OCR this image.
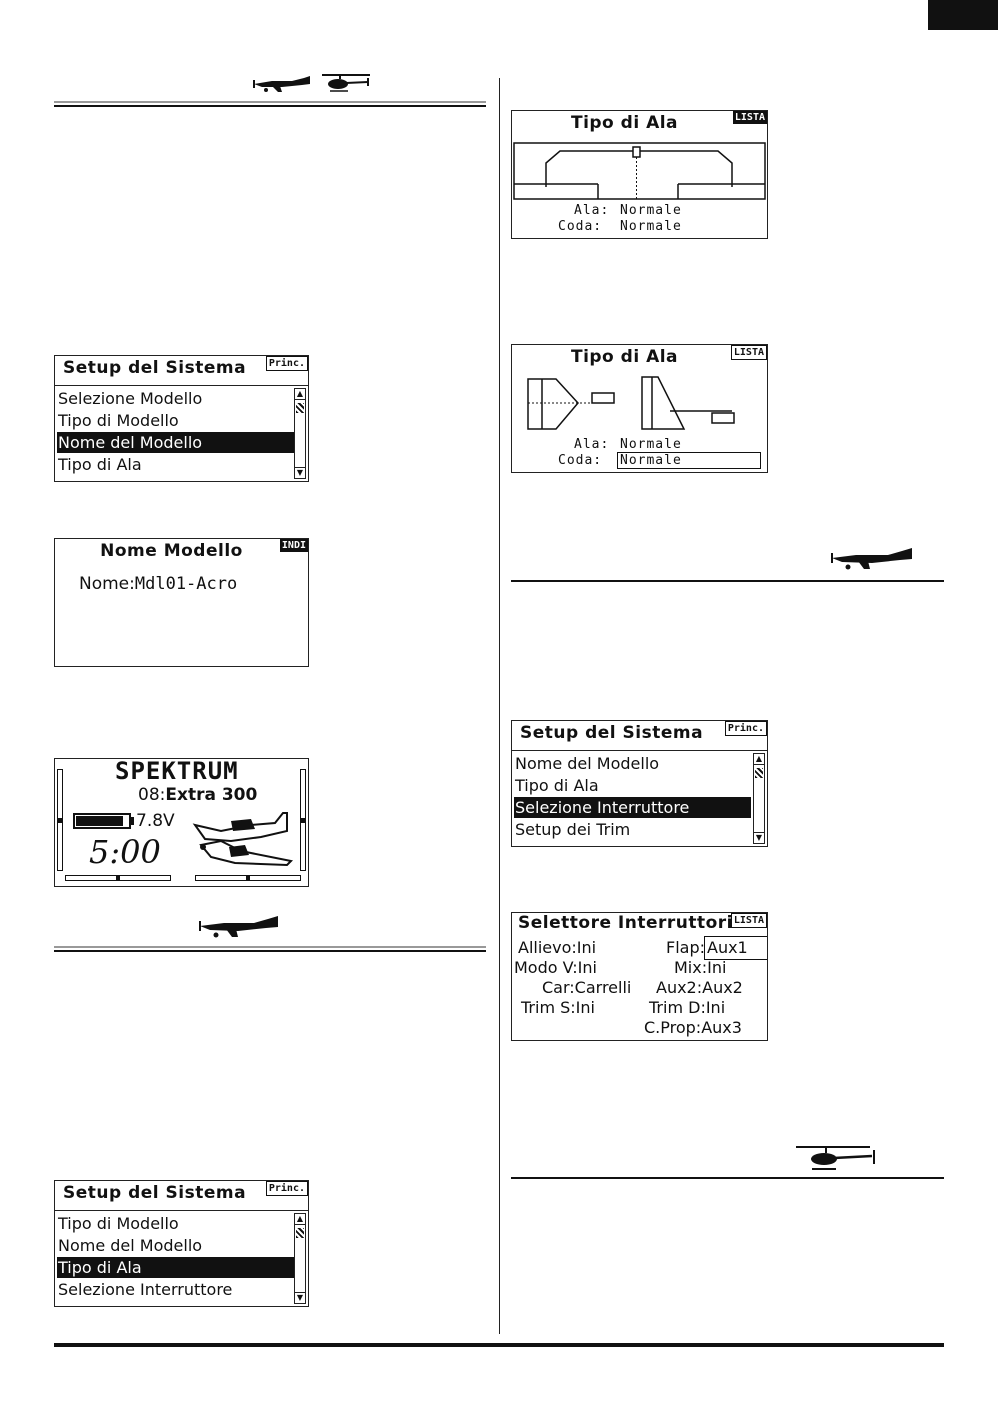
Setup del Sistema	Princ.
Selezione Modello
Tipo di Modello
Nome del Modello
Tipo di Ala
▲
▼
Nome Modello	INDI
Nome:Mdl01-Acro
SPEKTRUM
08:Extra 300
7.8V
5:00
Setup del Sistema	Princ.
Tipo di Modello
Nome del Modello
Tipo di Ala
Selezione Interruttore
▲
▼
Tipo di Ala	LISTA
Ala: Normale
Coda: Normale
Tipo di Ala	LISTA
Ala: Normale
Coda: Normale
Setup del Sistema	Princ.
Nome del Modello
Tipo di Ala
Selezione Interruttore
Setup dei Trim
▲
▼
Selettore Interruttori LISTA
Allievo:Ini	Flap: Aux1
Modo V:Ini	Mix:Ini
Car:Carrelli Aux2:Aux2
Trim S:Ini	Trim D:Ini
C.Prop:Aux3
